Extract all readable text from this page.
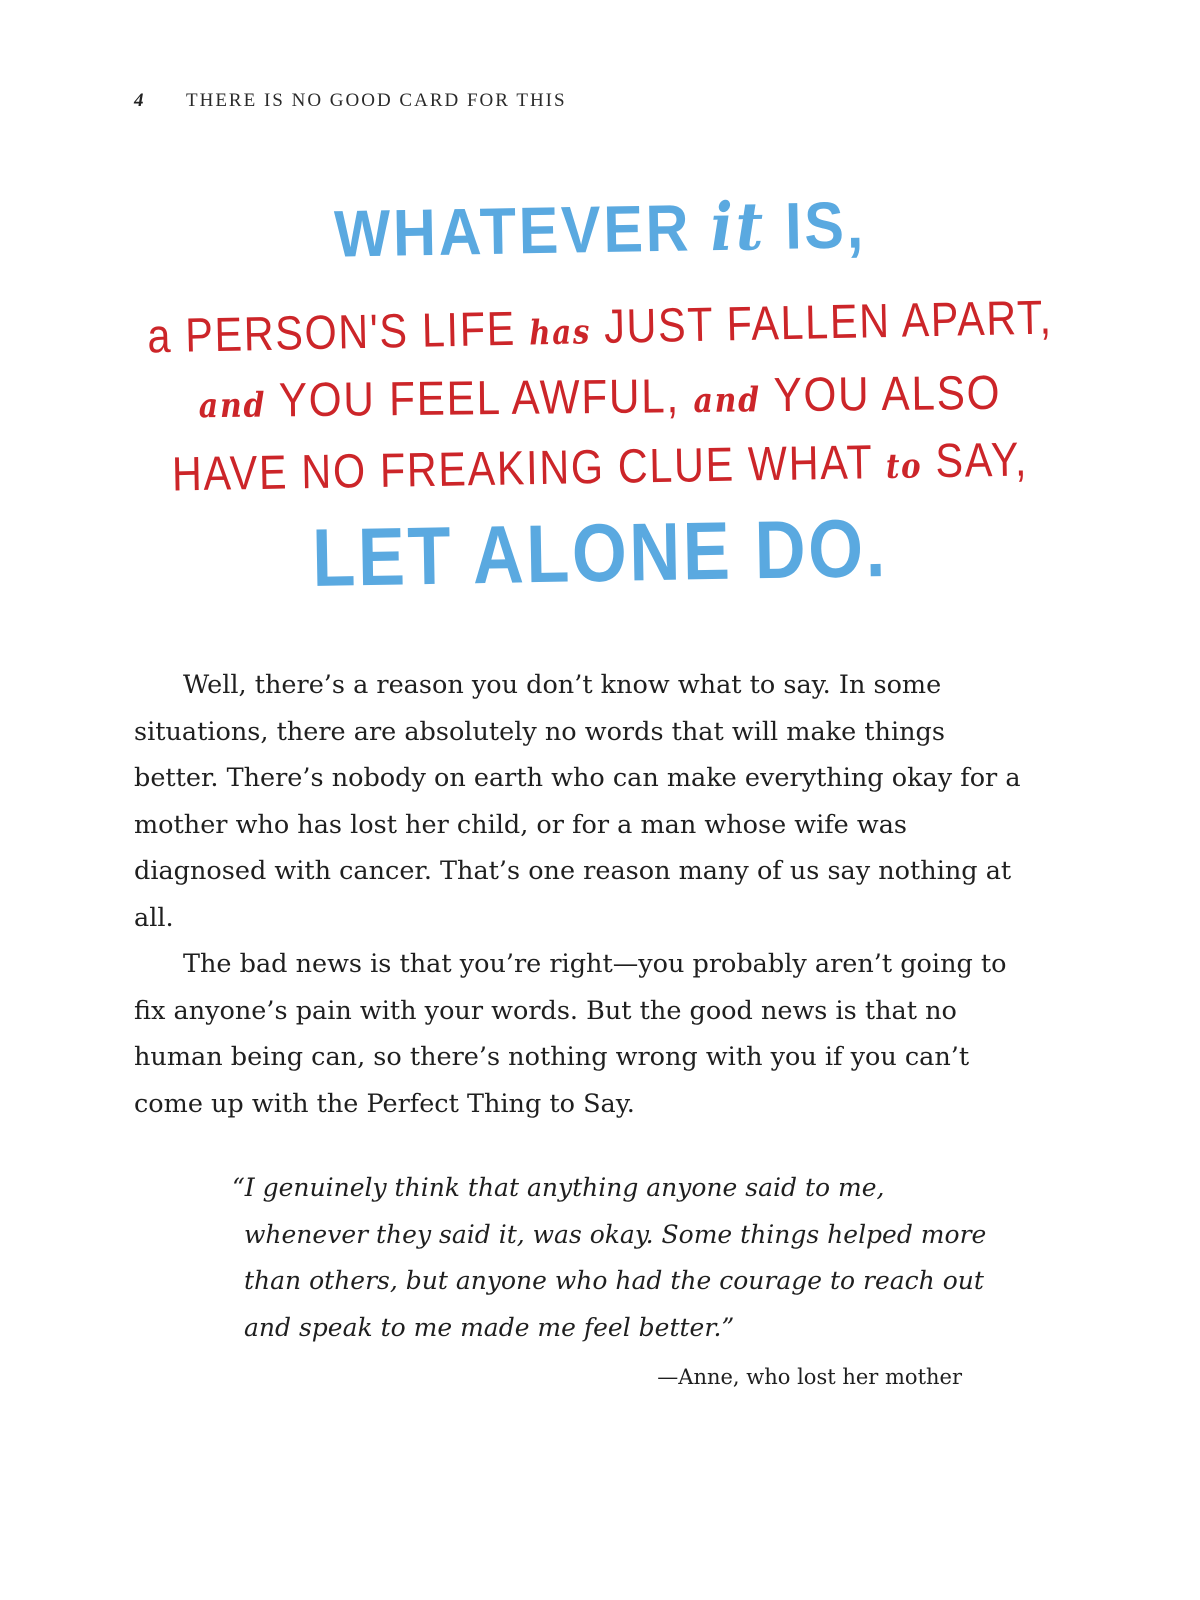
4	THERE IS NO GOOD CARD FOR THIS
WHATEVER it IS,
a PERSON'S LIFE has JUST FALLEN APART,
and YOU FEEL AWFUL, and YOU ALSO
HAVE NO FREAKING CLUE WHAT to SAY,
LET ALONE DO.

Well, there’s a reason you don’t know what to say. In some situations, there are absolutely no words that will make things better. There’s nobody on earth who can make everything okay for a mother who has lost her child, or for a man whose wife was diagnosed with cancer. That’s one reason many of us say nothing at all.

The bad news is that you’re right—you probably aren’t going to fix anyone’s pain with your words. But the good news is that no human being can, so there’s nothing wrong with you if you can’t come up with the Perfect Thing to Say.

“I genuinely think that anything anyone said to me, whenever they said it, was okay. Some things helped more than others, but anyone who had the courage to reach out and speak to me made me feel better.”

—Anne, who lost her mother
